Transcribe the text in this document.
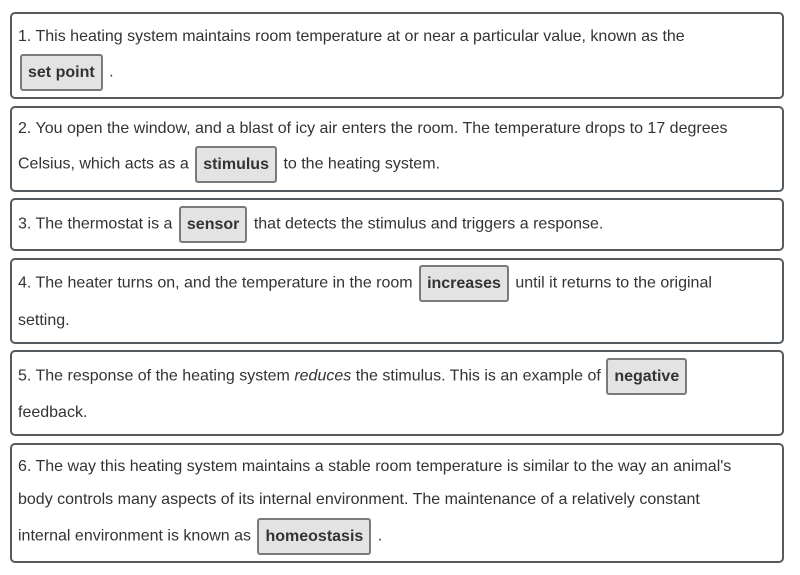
1. This heating system maintains room temperature at or near a particular value, known as the
set point .
2. You open the window, and a blast of icy air enters the room. The temperature drops to 17 degrees
Celsius, which acts as a stimulus to the heating system.
3. The thermostat is a sensor that detects the stimulus and triggers a response.
4. The heater turns on, and the temperature in the room increases until it returns to the original
setting.
5. The response of the heating system reduces the stimulus. This is an example of negative
feedback.
6. The way this heating system maintains a stable room temperature is similar to the way an animal's
body controls many aspects of its internal environment. The maintenance of a relatively constant
internal environment is known as homeostasis .
